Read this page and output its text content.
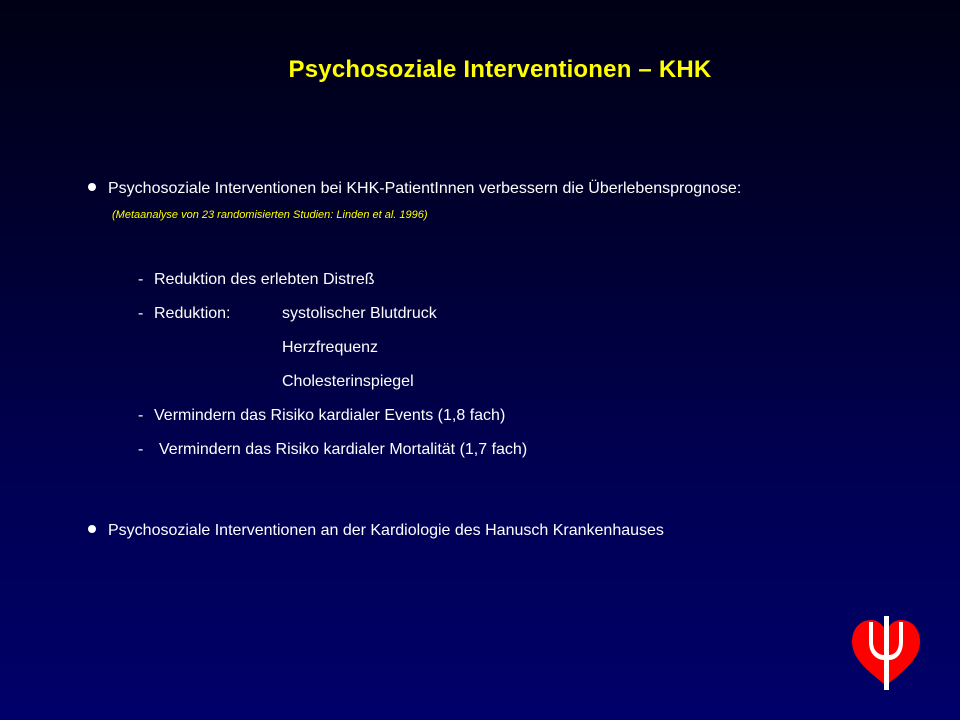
Psychosoziale Interventionen – KHK
Psychosoziale Interventionen bei KHK-PatientInnen verbessern die Überlebensprognose:
(Metaanalyse von 23 randomisierten Studien: Linden et al. 1996)
- Reduktion des erlebten Distreß
- Reduktion:	systolischer Blutdruck
Herzfrequenz
Cholesterinspiegel
- Vermindern das Risiko kardialer Events (1,8 fach)
- Vermindern das Risiko kardialer Mortalität (1,7 fach)
Psychosoziale Interventionen an der Kardiologie des Hanusch Krankenhauses
